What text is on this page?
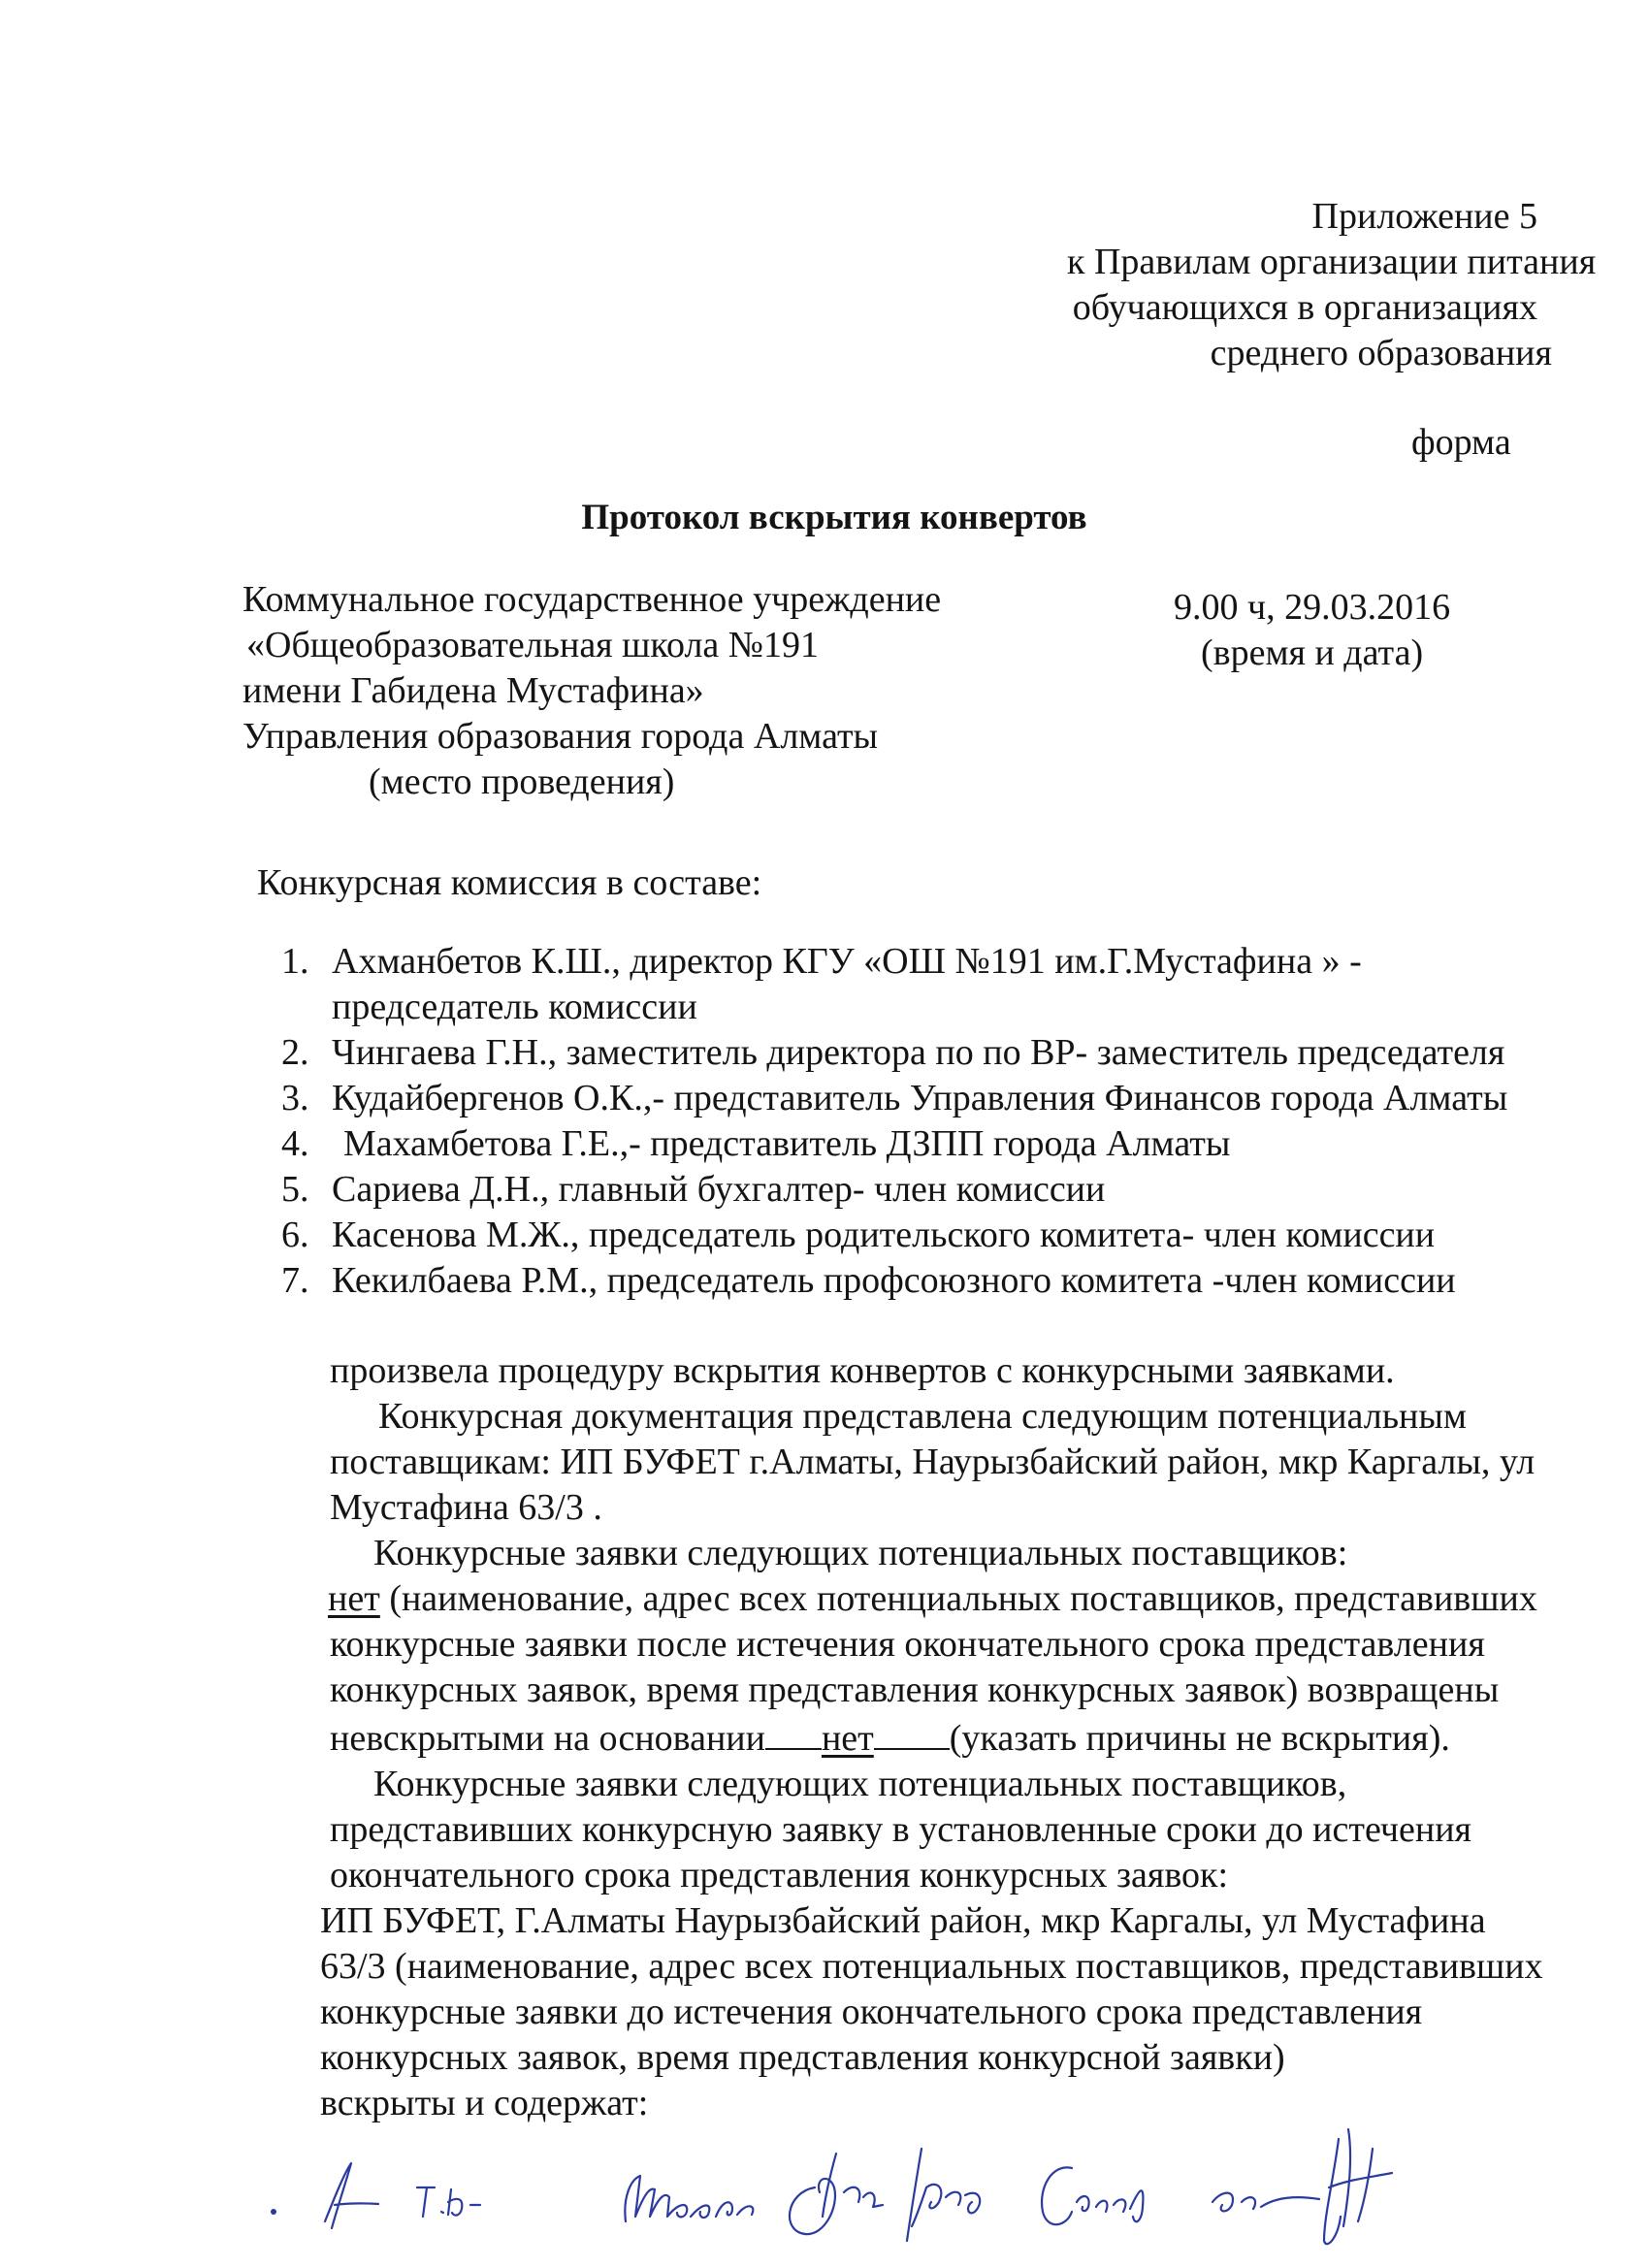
Приложение 5
к Правилам организации питания
обучающихся в организациях
среднего образования
форма
Протокол вскрытия конвертов
Коммунальное государственное учреждение
«Общеобразовательная школа №191
имени Габидена Мустафина»
Управления образования города Алматы
(место проведения)
9.00 ч, 29.03.2016
(время и дата)
Конкурсная комиссия в составе:
1. Ахманбетов К.Ш., директор КГУ «ОШ №191 им.Г.Мустафина » -
председатель комиссии
2. Чингаева Г.Н., заместитель директора по по ВР- заместитель председателя
3. Кудайбергенов О.К.,- представитель Управления Финансов города Алматы
4. Махамбетова Г.Е.,- представитель ДЗПП города Алматы
5. Сариева Д.Н., главный бухгалтер- член комиссии
6. Касенова М.Ж., председатель родительского комитета- член комиссии
7. Кекилбаева Р.М., председатель профсоюзного комитета -член комиссии
произвела процедуру вскрытия конвертов с конкурсными заявками.
Конкурсная документация представлена следующим потенциальным
поставщикам: ИП БУФЕТ г.Алматы, Наурызбайский район, мкр Каргалы, ул
Мустафина 63/3 .
Конкурсные заявки следующих потенциальных поставщиков:
нет (наименование, адрес всех потенциальных поставщиков, представивших
конкурсные заявки после истечения окончательного срока представления
конкурсных заявок, время представления конкурсных заявок) возвращены
невскрытыми на основании нет (указать причины не вскрытия).
Конкурсные заявки следующих потенциальных поставщиков,
представивших конкурсную заявку в установленные сроки до истечения
окончательного срока представления конкурсных заявок:
ИП БУФЕТ, Г.Алматы Наурызбайский район, мкр Каргалы, ул Мустафина
63/3 (наименование, адрес всех потенциальных поставщиков, представивших
конкурсные заявки до истечения окончательного срока представления
конкурсных заявок, время представления конкурсной заявки)
вскрыты и содержат:
